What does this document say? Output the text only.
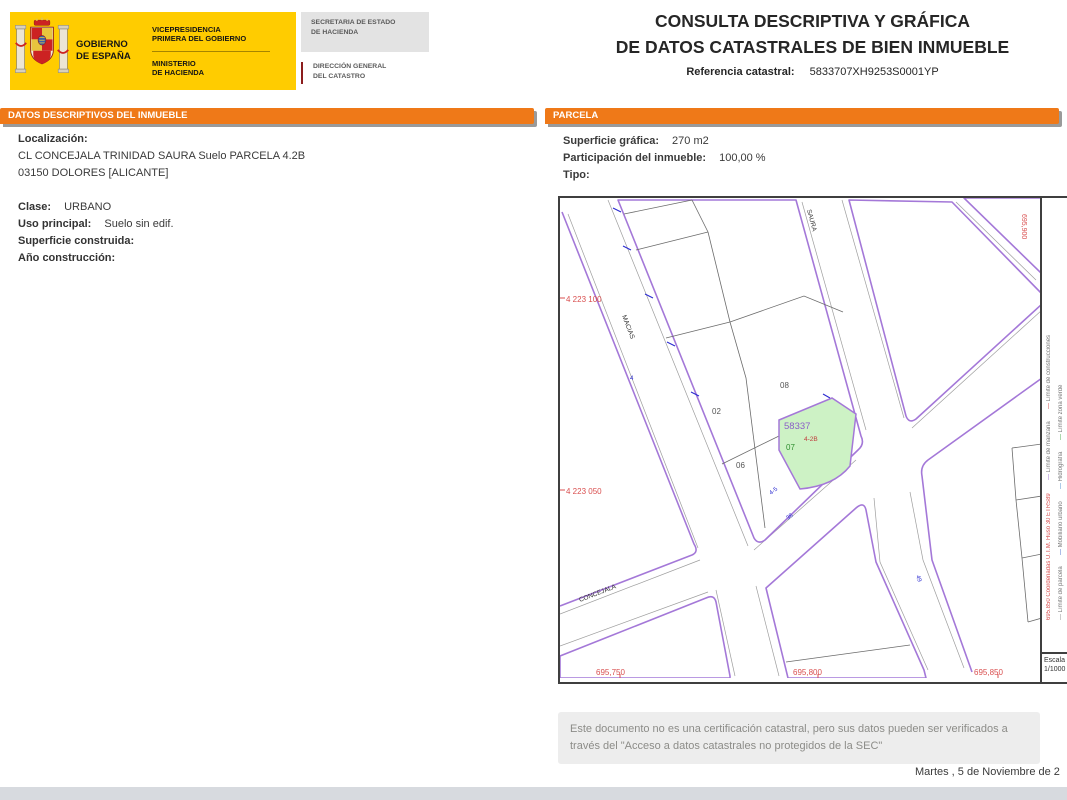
GOBIERNO
DE ESPAÑA
VICEPRESIDENCIA
PRIMERA DEL GOBIERNO
MINISTERIO
DE HACIENDA
SECRETARIA DE ESTADO
DE HACIENDA
DIRECCIÓN GENERAL
DEL CATASTRO
CONSULTA DESCRIPTIVA Y GRÁFICA
DE DATOS CATASTRALES DE BIEN INMUEBLE
Referencia catastral: 5833707XH9253S0001YP
DATOS DESCRIPTIVOS DEL INMUEBLE
Localización:
CL CONCEJALA TRINIDAD SAURA Suelo PARCELA 4.2B
03150 DOLORES [ALICANTE]
Clase: URBANO
Uso principal: Suelo sin edif.
Superficie construida:
Año construcción:
PARCELA
Superficie gráfica: 270 m2
Participación del inmueble: 100,00 %
Tipo:
02
08
06
58337
4-2B
07
4 223 100
4 223 050
695,750	695,800	695,850
695,900
MACIAS
CONCEJALA
SAURA
38
4-5
49
4
695.850 Coordenadas U.T.M. Huso 30 ETRS89 — Límite de manzana — Límite de construcciones
— Límite de parcela — Mobiliario urbano — Hidrografía — Límite zona verde
Escala
1/1000
Este documento no es una certificación catastral, pero sus datos pueden ser verificados a través del "Acceso a datos catastrales no protegidos de la SEC"
Martes , 5 de Noviembre de 2
